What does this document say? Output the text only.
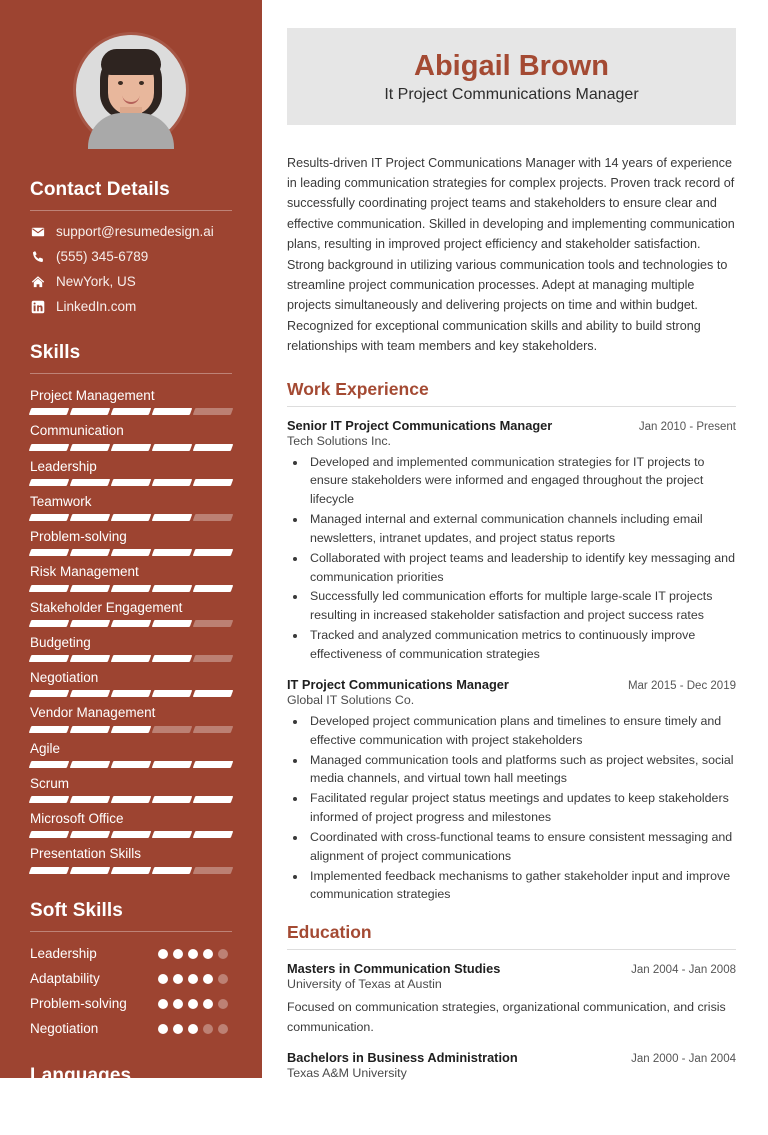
Contact Details
support@resumedesign.ai
(555) 345-6789
NewYork, US
LinkedIn.com
Skills
Project Management
Communication
Leadership
Teamwork
Problem-solving
Risk Management
Stakeholder Engagement
Budgeting
Negotiation
Vendor Management
Agile
Scrum
Microsoft Office
Presentation Skills
Soft Skills
Leadership
Adaptability
Problem-solving
Negotiation
Languages
English	Spanish
Abigail Brown
It Project Communications Manager

Results-driven IT Project Communications Manager with 14 years of experience in leading communication strategies for complex projects. Proven track record of successfully coordinating project teams and stakeholders to ensure clear and effective communication. Skilled in developing and implementing communication plans, resulting in improved project efficiency and stakeholder satisfaction. Strong background in utilizing various communication tools and technologies to streamline project communication processes. Adept at managing multiple projects simultaneously and delivering projects on time and within budget. Recognized for exceptional communication skills and ability to build strong relationships with team members and key stakeholders.

Work Experience
Senior IT Project Communications Manager	Jan 2010 - Present
Tech Solutions Inc.
• Developed and implemented communication strategies for IT projects to ensure stakeholders were informed and engaged throughout the project lifecycle
• Managed internal and external communication channels including email newsletters, intranet updates, and project status reports
• Collaborated with project teams and leadership to identify key messaging and communication priorities
• Successfully led communication efforts for multiple large-scale IT projects resulting in increased stakeholder satisfaction and project success rates
• Tracked and analyzed communication metrics to continuously improve effectiveness of communication strategies
IT Project Communications Manager	Mar 2015 - Dec 2019
Global IT Solutions Co.
• Developed project communication plans and timelines to ensure timely and effective communication with project stakeholders
• Managed communication tools and platforms such as project websites, social media channels, and virtual town hall meetings
• Facilitated regular project status meetings and updates to keep stakeholders informed of project progress and milestones
• Coordinated with cross-functional teams to ensure consistent messaging and alignment of project communications
• Implemented feedback mechanisms to gather stakeholder input and improve communication strategies
Education
Masters in Communication Studies	Jan 2004 - Jan 2008
University of Texas at Austin
Focused on communication strategies, organizational communication, and crisis communication.
Bachelors in Business Administration	Jan 2000 - Jan 2004
Texas A&M University
